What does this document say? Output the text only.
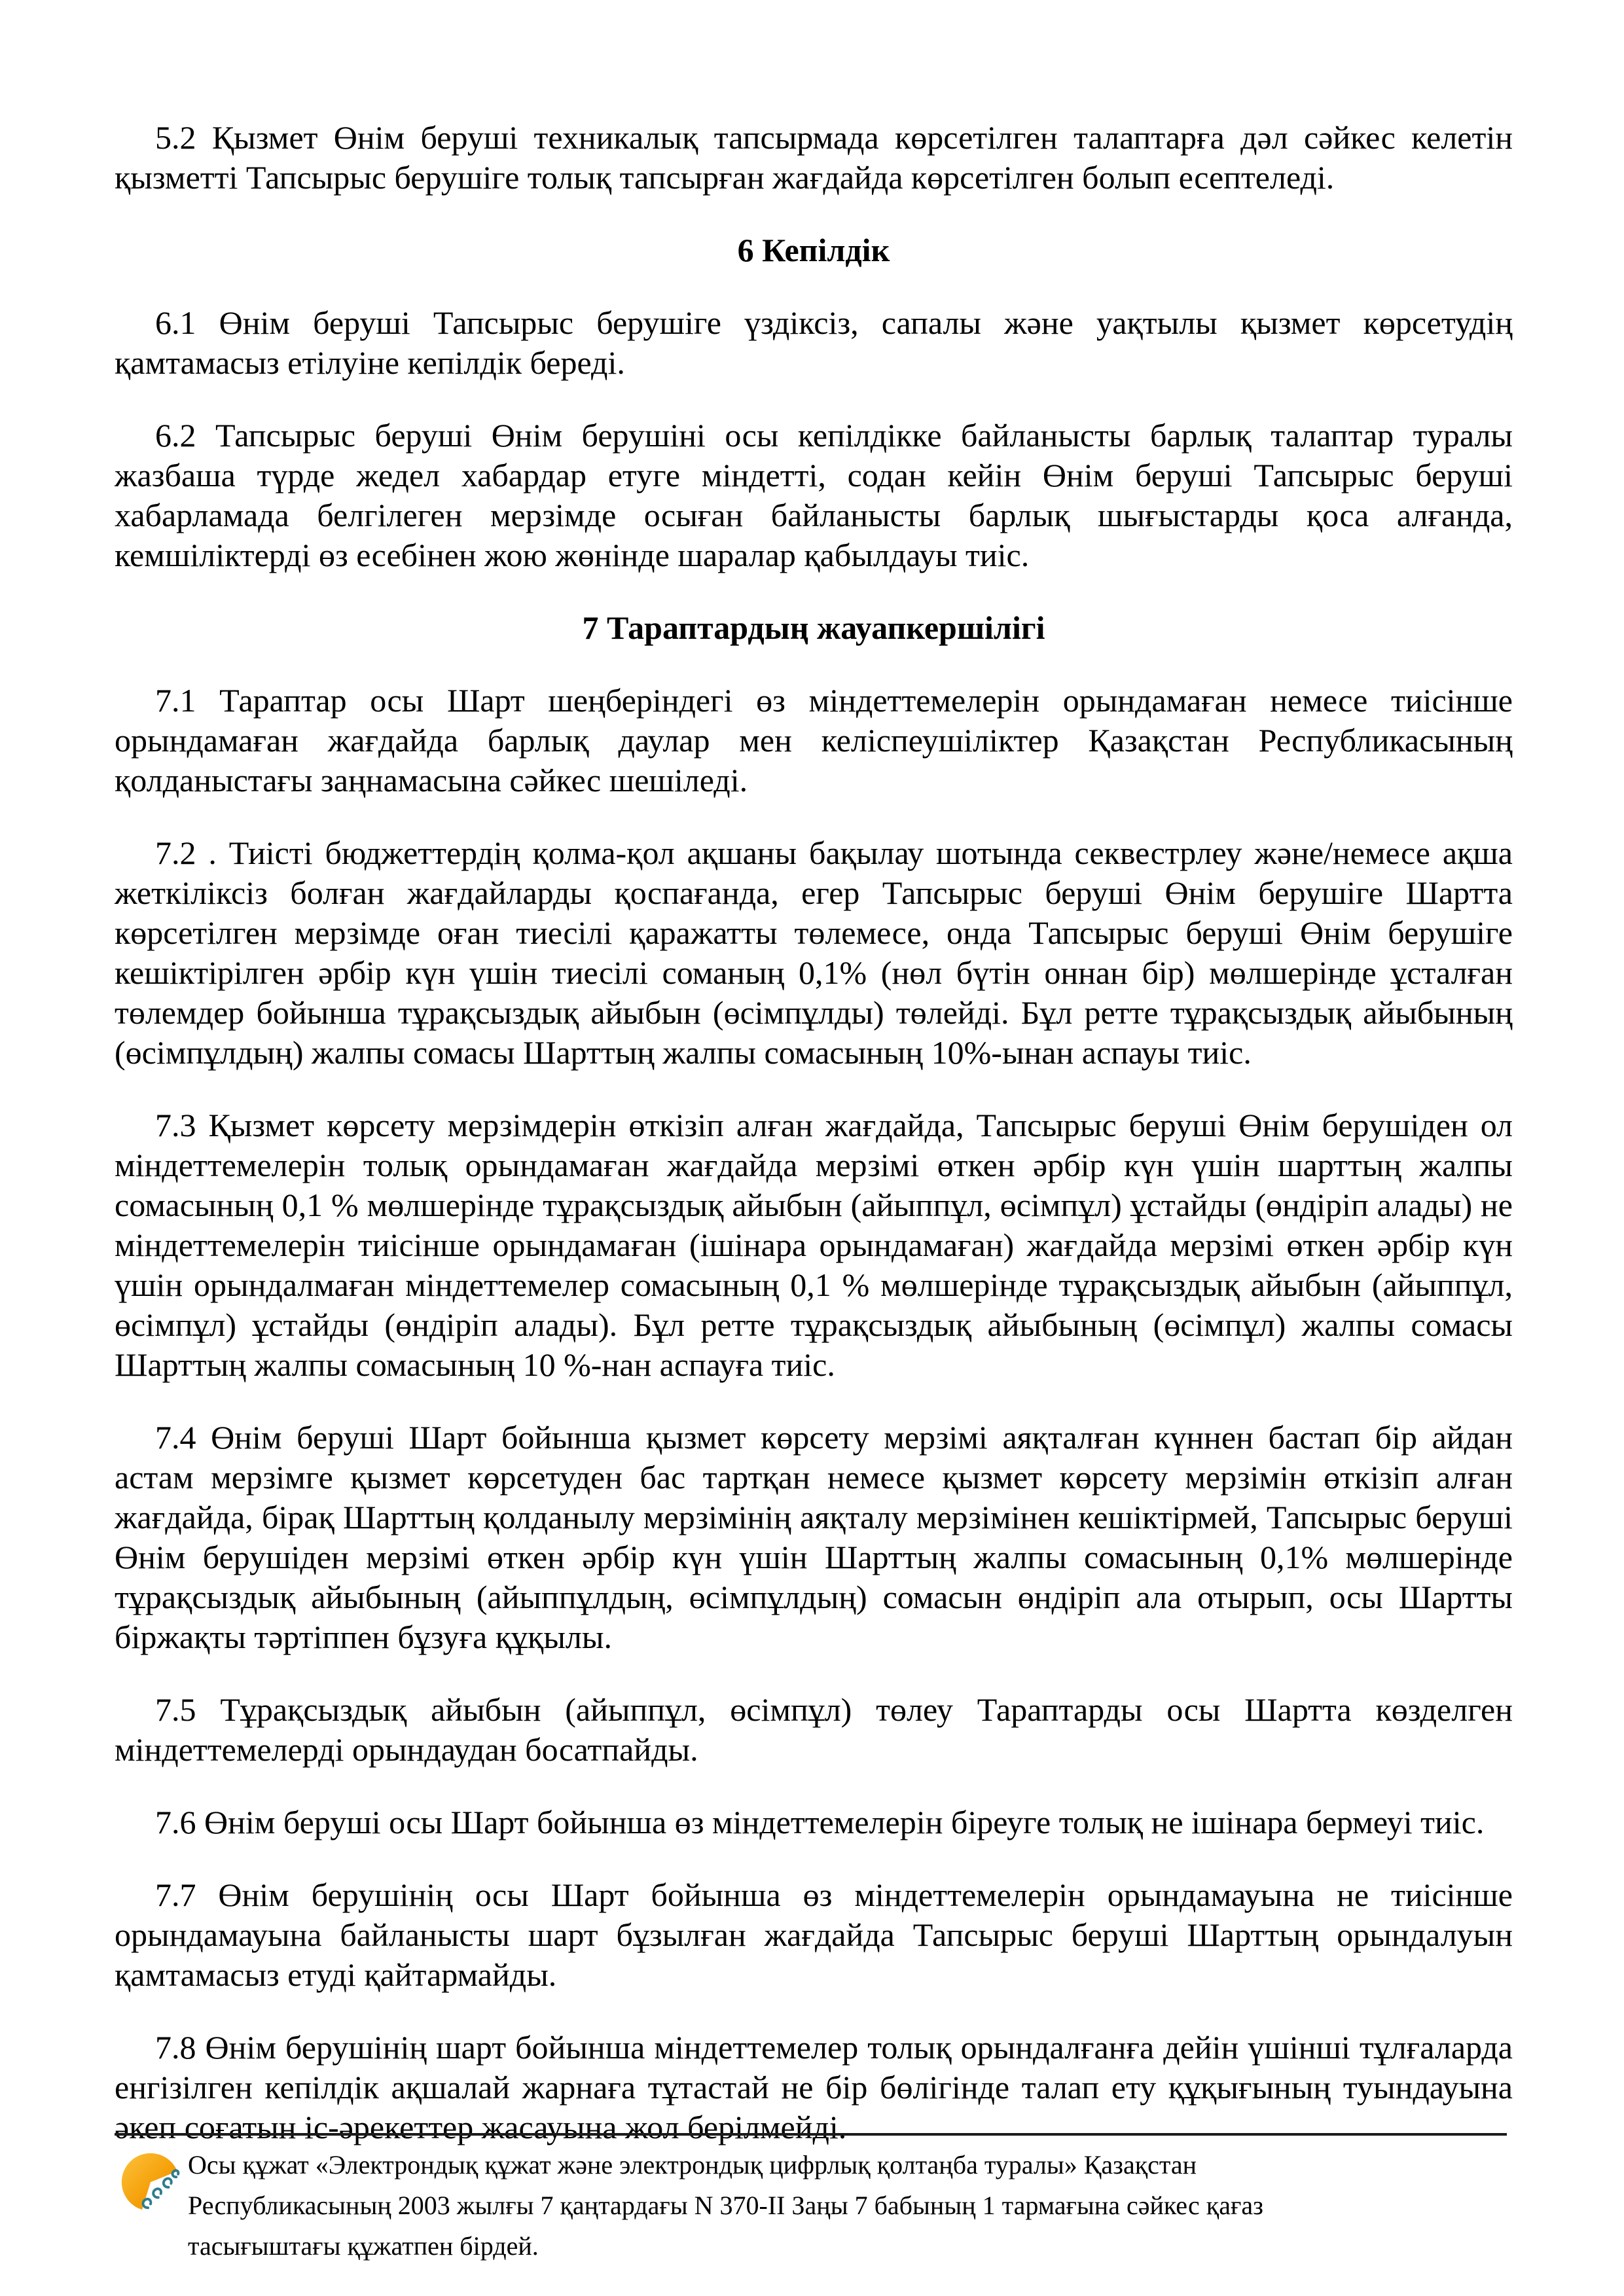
5.2 Қызмет Өнім беруші техникалық тапсырмада көрсетілген талаптарға дәл сәйкес келетін қызметті Тапсырыс берушіге толық тапсырған жағдайда көрсетілген болып есептеледі.

6 Кепілдік

6.1 Өнім беруші Тапсырыс берушіге үздіксіз, сапалы және уақтылы қызмет көрсетудің қамтамасыз етілуіне кепілдік береді.

6.2 Тапсырыс беруші Өнім берушіні осы кепілдікке байланысты барлық талаптар туралы жазбаша түрде жедел хабардар етуге міндетті, содан кейін Өнім беруші Тапсырыс беруші хабарламада белгілеген мерзімде осыған байланысты барлық шығыстарды қоса алғанда, кемшіліктерді өз есебінен жою жөнінде шаралар қабылдауы тиіс.

7 Тараптардың жауапкершілігі

7.1 Тараптар осы Шарт шеңберіндегі өз міндеттемелерін орындамаған немесе тиісінше орындамаған жағдайда барлық даулар мен келіспеушіліктер Қазақстан Республикасының қолданыстағы заңнамасына сәйкес шешіледі.

7.2 . Тиісті бюджеттердің қолма-қол ақшаны бақылау шотында секвестрлеу және/немесе ақша жеткіліксіз болған жағдайларды қоспағанда, егер Тапсырыс беруші Өнім берушіге Шартта көрсетілген мерзімде оған тиесілі қаражатты төлемесе, онда Тапсырыс беруші Өнім берушіге кешіктірілген әрбір күн үшін тиесілі соманың 0,1% (нөл бүтін оннан бір) мөлшерінде ұсталған төлемдер бойынша тұрақсыздық айыбын (өсімпұлды) төлейді. Бұл ретте тұрақсыздық айыбының (өсімпұлдың) жалпы сомасы Шарттың жалпы сомасының 10%-ынан аспауы тиіс.

7.3 Қызмет көрсету мерзімдерін өткізіп алған жағдайда, Тапсырыс беруші Өнім берушіден ол міндеттемелерін толық орындамаған жағдайда мерзімі өткен әрбір күн үшін шарттың жалпы сомасының 0,1 % мөлшерінде тұрақсыздық айыбын (айыппұл, өсімпұл) ұстайды (өндіріп алады) не міндеттемелерін тиісінше орындамаған (ішінара орындамаған) жағдайда мерзімі өткен әрбір күн үшін орындалмаған міндеттемелер сомасының 0,1 % мөлшерінде тұрақсыздық айыбын (айыппұл, өсімпұл) ұстайды (өндіріп алады). Бұл ретте тұрақсыздық айыбының (өсімпұл) жалпы сомасы Шарттың жалпы сомасының 10 %-нан аспауға тиіс.

7.4 Өнім беруші Шарт бойынша қызмет көрсету мерзімі аяқталған күннен бастап бір айдан астам мерзімге қызмет көрсетуден бас тартқан немесе қызмет көрсету мерзімін өткізіп алған жағдайда, бірақ Шарттың қолданылу мерзімінің аяқталу мерзімінен кешіктірмей, Тапсырыс беруші Өнім берушіден мерзімі өткен әрбір күн үшін Шарттың жалпы сомасының 0,1% мөлшерінде тұрақсыздық айыбының (айыппұлдың, өсімпұлдың) сомасын өндіріп ала отырып, осы Шартты біржақты тәртіппен бұзуға құқылы.

7.5 Тұрақсыздық айыбын (айыппұл, өсімпұл) төлеу Тараптарды осы Шартта көзделген міндеттемелерді орындаудан босатпайды.

7.6 Өнім беруші осы Шарт бойынша өз міндеттемелерін біреуге толық не ішінара бермеуі тиіс.

7.7 Өнім берушінің осы Шарт бойынша өз міндеттемелерін орындамауына не тиісінше орындамауына байланысты шарт бұзылған жағдайда Тапсырыс беруші Шарттың орындалуын қамтамасыз етуді қайтармайды.

7.8 Өнім берушінің шарт бойынша міндеттемелер толық орындалғанға дейін үшінші тұлғаларда енгізілген кепілдік ақшалай жарнаға тұтастай не бір бөлігінде талап ету құқығының туындауына әкеп соғатын іс-әрекеттер жасауына жол берілмейді.

Осы құжат «Электрондық құжат және электрондық цифрлық қолтаңба туралы» Қазақстан Республикасының 2003 жылғы 7 қаңтардағы N 370-II Заңы 7 бабының 1 тармағына сәйкес қағаз тасығыштағы құжатпен бірдей.
